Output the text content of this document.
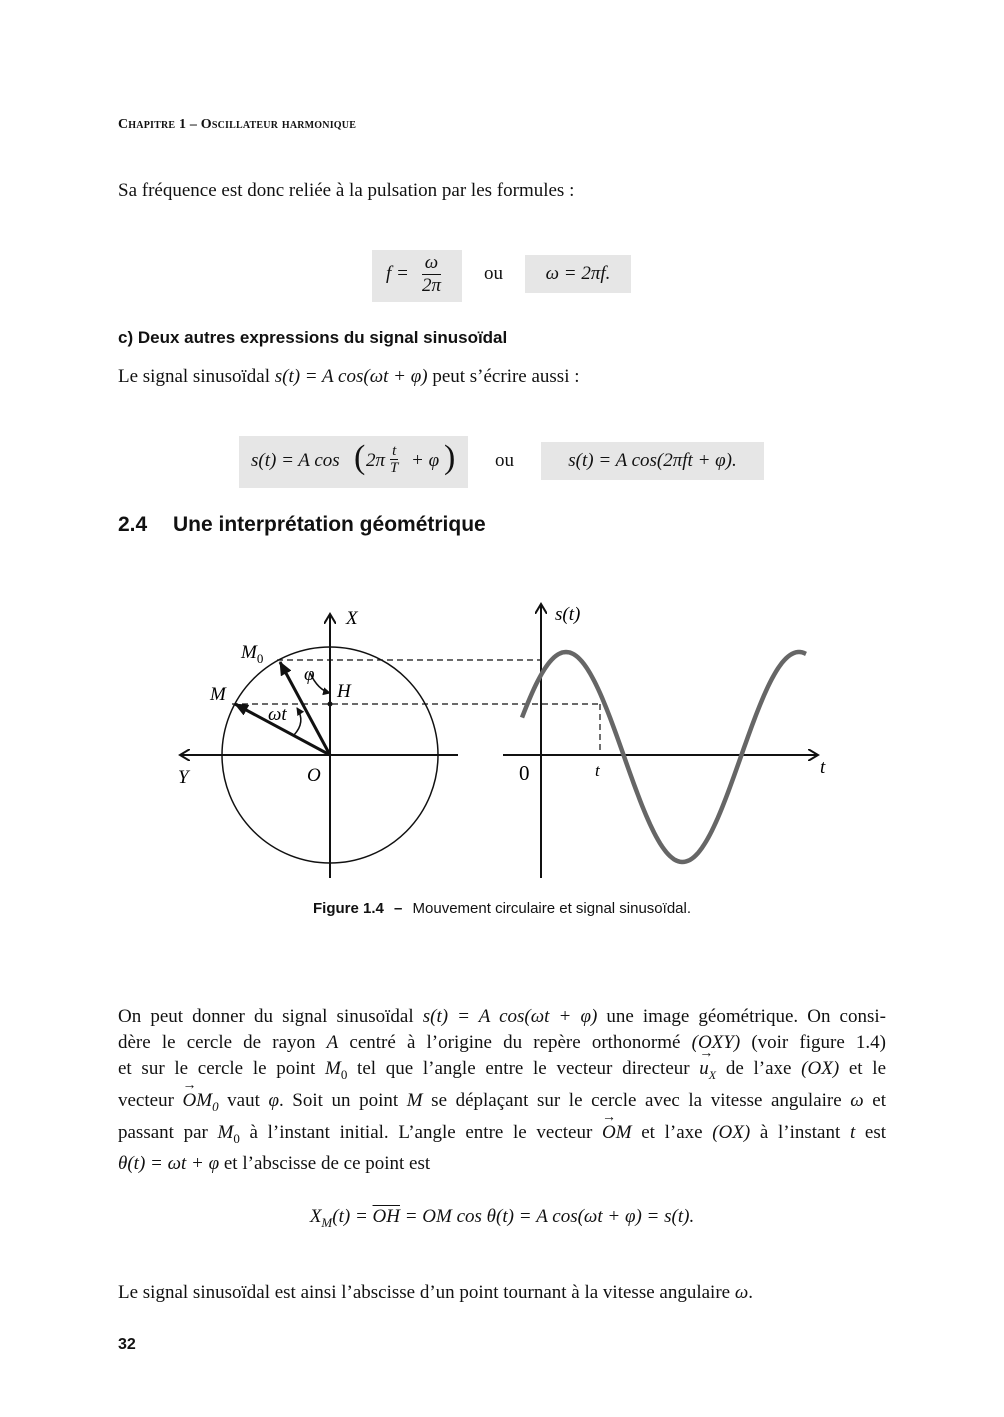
Chapitre 1 – Oscillateur harmonique
Sa fréquence est donc reliée à la pulsation par les formules :
$f = \frac{\omega}{2\pi}$ ou	ω = 2πf.
c) Deux autres expressions du signal sinusoïdal
Le signal sinusoïdal s(t) = A cos(ωt + φ) peut s’écrire aussi :
s(t) = A cos ( $2\pi \frac{t}{T} + \varphi$ ) ou	s(t) = A cos(2πft + φ).
2.4 Une interprétation géométrique
X
Y	O
H
M
$M_0$
φ
ωt
s(t)
t
0	t
Figure 1.4 – Mouvement circulaire et signal sinusoïdal.
On peut donner du signal sinusoïdal s(t) = A cos(ωt + φ) une image géométrique. On consi-
dère le cercle de rayon A centré à l’origine du repère orthonormé (OXY) (voir figure 1.4)
et sur le cercle le point $M_0$ tel que l’angle entre le vecteur directeur → $u_X$ de l’axe (OX) et le
vecteur → $OM_0$ vaut φ. Soit un point M se déplaçant sur le cercle avec la vitesse angulaire ω et
passant par $M_0$ à l’instant initial. L’angle entre le vecteur → OM et l’axe (OX) à l’instant t est
θ(t) = ωt + φ et l’abscisse de ce point est
$X_M(t) = \overline{OH}$ = OM cos θ(t) = A cos(ωt + φ) = s(t).
Le signal sinusoïdal est ainsi l’abscisse d’un point tournant à la vitesse angulaire ω.
32
